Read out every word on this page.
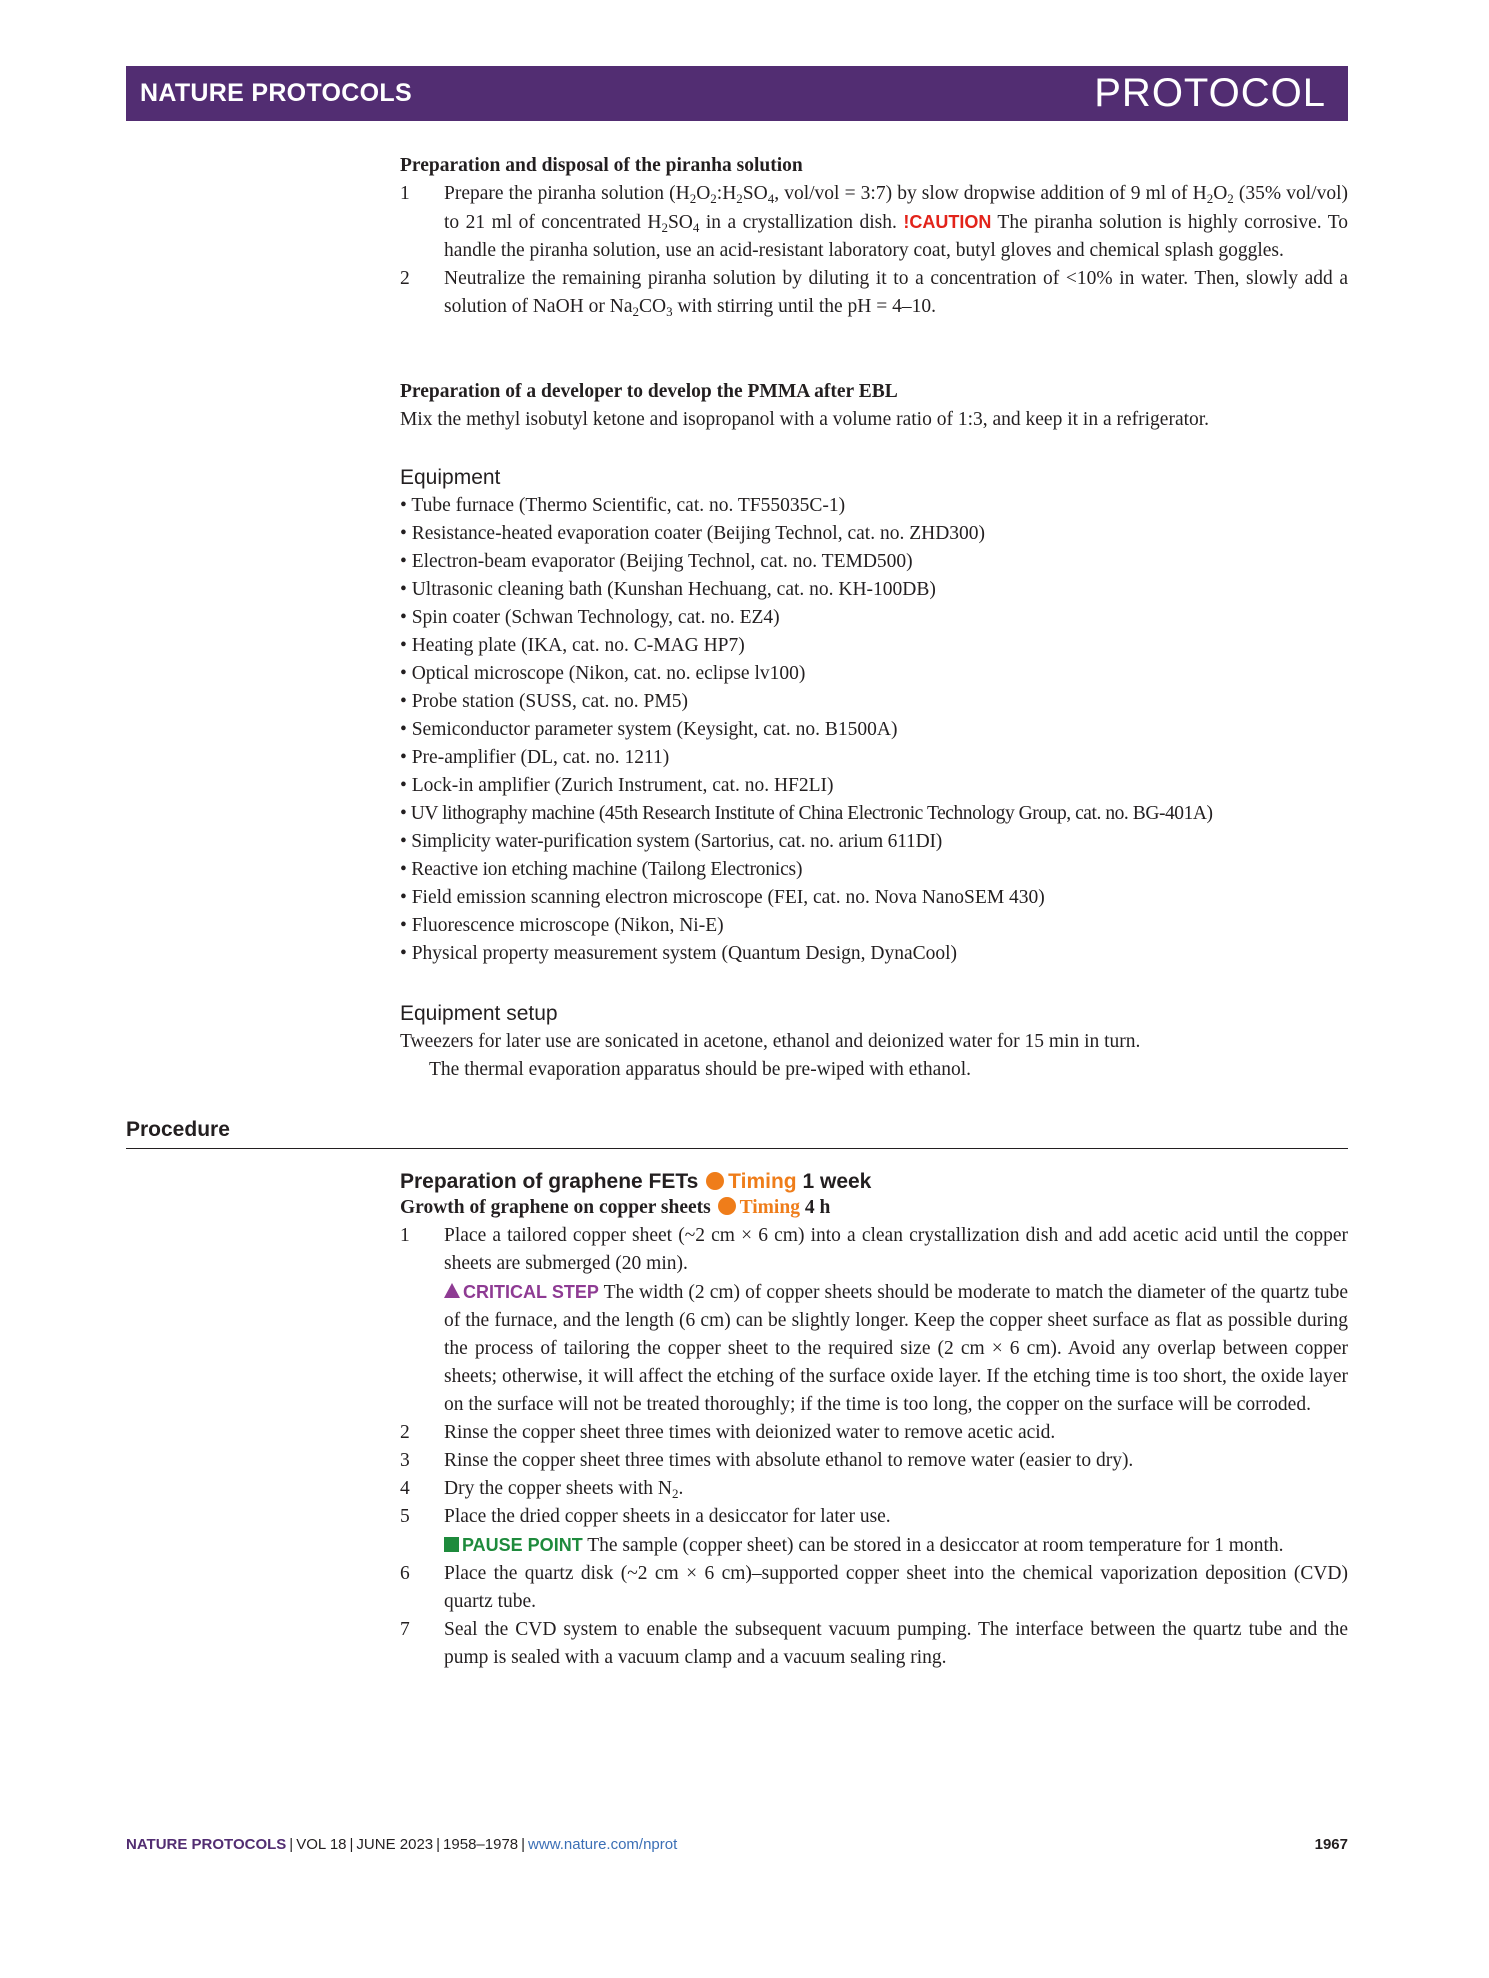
NATURE PROTOCOLS	PROTOCOL

Preparation and disposal of the piranha solution

1 Prepare the piranha solution ($H_2O_2:H_2SO_4$, vol/vol = 3:7) by slow dropwise addition of 9 ml of $H_2O_2$ (35% vol/vol) to 21 ml of concentrated $H_2SO_4$ in a crystallization dish. !CAUTION The piranha solution is highly corrosive. To handle the piranha solution, use an acid-resistant laboratory coat, butyl gloves and chemical splash goggles.
2 Neutralize the remaining piranha solution by diluting it to a concentration of <10% in water. Then, slowly add a solution of NaOH or $Na_2CO_3$ with stirring until the pH = 4–10.

Preparation of a developer to develop the PMMA after EBL

Mix the methyl isobutyl ketone and isopropanol with a volume ratio of 1:3, and keep it in a refrigerator.

Equipment

• Tube furnace (Thermo Scientific, cat. no. TF55035C-1)
• Resistance-heated evaporation coater (Beijing Technol, cat. no. ZHD300)
• Electron-beam evaporator (Beijing Technol, cat. no. TEMD500)
• Ultrasonic cleaning bath (Kunshan Hechuang, cat. no. KH-100DB)
• Spin coater (Schwan Technology, cat. no. EZ4)
• Heating plate (IKA, cat. no. C-MAG HP7)
• Optical microscope (Nikon, cat. no. eclipse lv100)
• Probe station (SUSS, cat. no. PM5)
• Semiconductor parameter system (Keysight, cat. no. B1500A)
• Pre-amplifier (DL, cat. no. 1211)
• Lock-in amplifier (Zurich Instrument, cat. no. HF2LI)
• UV lithography machine (45th Research Institute of China Electronic Technology Group, cat. no. BG-401A)
• Simplicity water-purification system (Sartorius, cat. no. arium 611DI)
• Reactive ion etching machine (Tailong Electronics)
• Field emission scanning electron microscope (FEI, cat. no. Nova NanoSEM 430)
• Fluorescence microscope (Nikon, Ni-E)
• Physical property measurement system (Quantum Design, DynaCool)

Equipment setup

Tweezers for later use are sonicated in acetone, ethanol and deionized water for 15 min in turn.
The thermal evaporation apparatus should be pre-wiped with ethanol.

Preparation of graphene FETs Timing 1 week

Growth of graphene on copper sheets Timing 4 h

1 Place a tailored copper sheet (~2 cm × 6 cm) into a clean crystallization dish and add acetic acid until the copper sheets are submerged (20 min).
CRITICAL STEP The width (2 cm) of copper sheets should be moderate to match the diameter of the quartz tube of the furnace, and the length (6 cm) can be slightly longer. Keep the copper sheet surface as flat as possible during the process of tailoring the copper sheet to the required size (2 cm × 6 cm). Avoid any overlap between copper sheets; otherwise, it will affect the etching of the surface oxide layer. If the etching time is too short, the oxide layer on the surface will not be treated thoroughly; if the time is too long, the copper on the surface will be corroded.
2 Rinse the copper sheet three times with deionized water to remove acetic acid.
3 Rinse the copper sheet three times with absolute ethanol to remove water (easier to dry).
4 Dry the copper sheets with $N_2$.
5 Place the dried copper sheets in a desiccator for later use.
PAUSE POINT The sample (copper sheet) can be stored in a desiccator at room temperature for 1 month.
6 Place the quartz disk (~2 cm × 6 cm)–supported copper sheet into the chemical vaporization deposition (CVD) quartz tube.
7 Seal the CVD system to enable the subsequent vacuum pumping. The interface between the quartz tube and the pump is sealed with a vacuum clamp and a vacuum sealing ring.
Procedure
NATURE PROTOCOLS | VOL 18 | JUNE 2023 | 1958–1978 | www.nature.com/nprot	1967
